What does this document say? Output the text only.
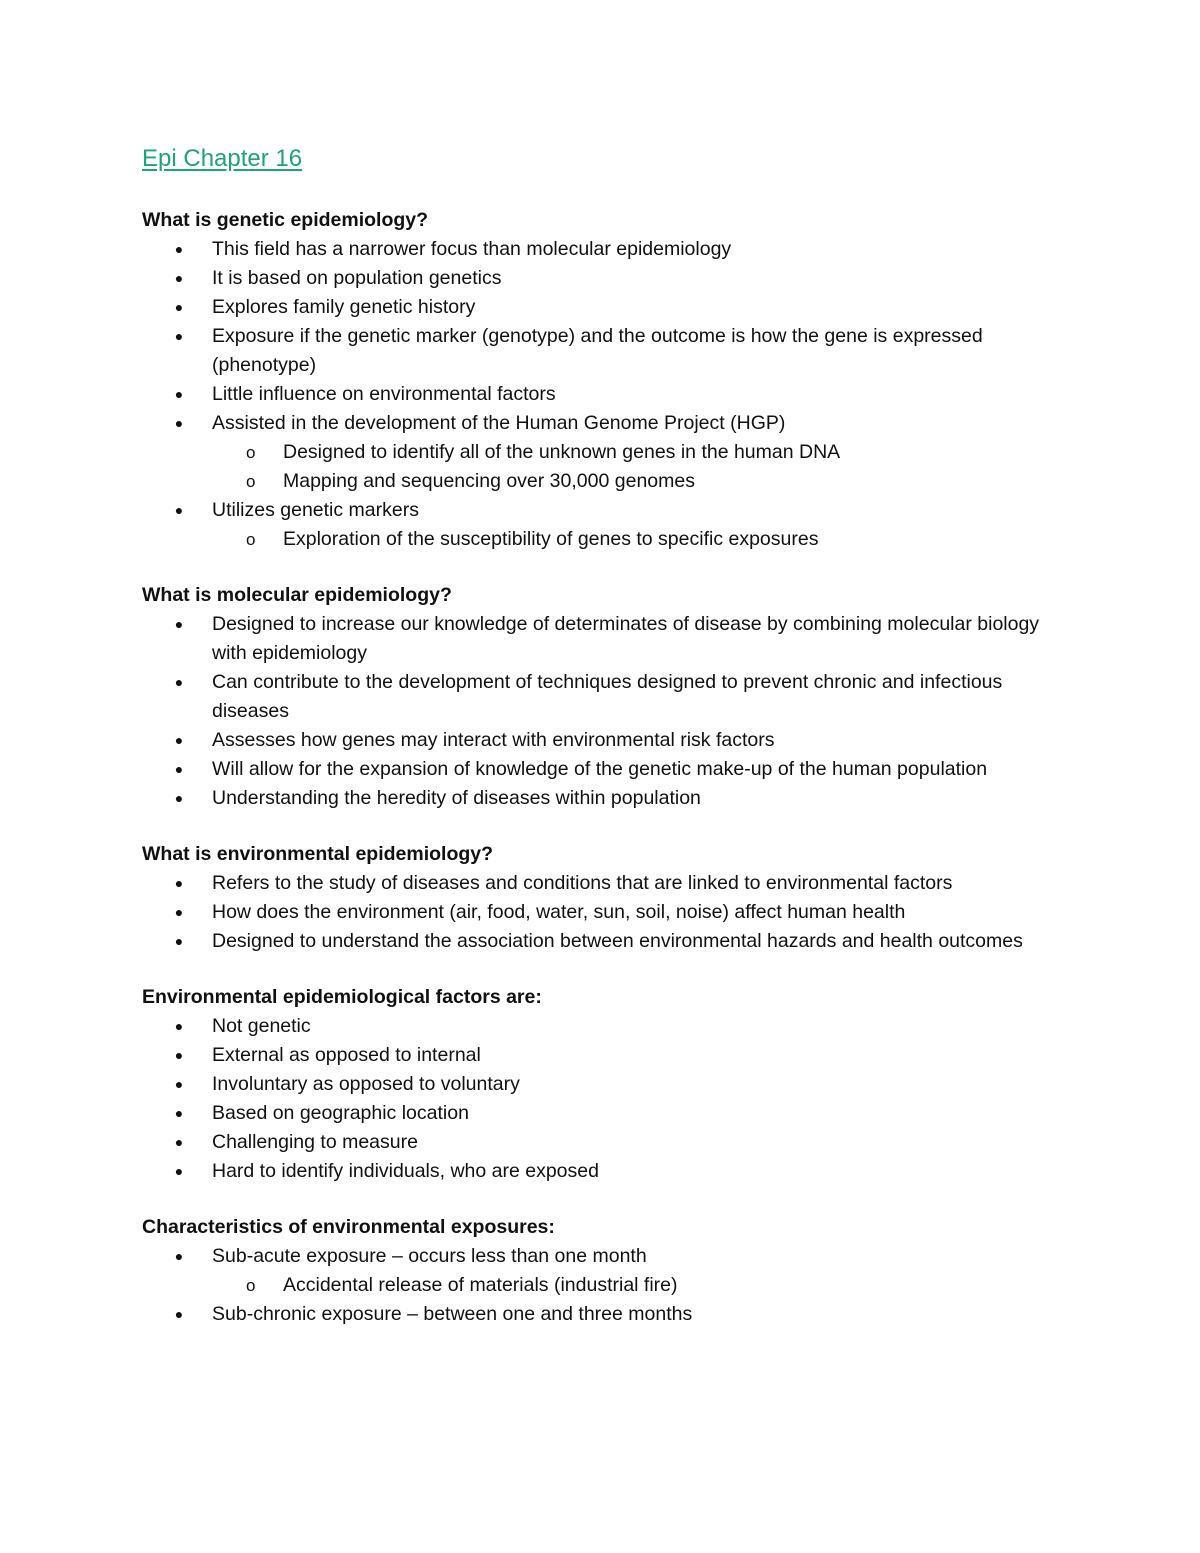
Epi Chapter 16
What is genetic epidemiology?
● This field has a narrower focus than molecular epidemiology
● It is based on population genetics
● Explores family genetic history
● Exposure if the genetic marker (genotype) and the outcome is how the gene is expressed (phenotype)
● Little influence on environmental factors
● Assisted in the development of the Human Genome Project (HGP)
o Designed to identify all of the unknown genes in the human DNA
o Mapping and sequencing over 30,000 genomes
● Utilizes genetic markers
o Exploration of the susceptibility of genes to specific exposures
What is molecular epidemiology?
● Designed to increase our knowledge of determinates of disease by combining molecular biology with epidemiology
● Can contribute to the development of techniques designed to prevent chronic and infectious diseases
● Assesses how genes may interact with environmental risk factors
● Will allow for the expansion of knowledge of the genetic make-up of the human population
● Understanding the heredity of diseases within population
What is environmental epidemiology?
● Refers to the study of diseases and conditions that are linked to environmental factors
● How does the environment (air, food, water, sun, soil, noise) affect human health
● Designed to understand the association between environmental hazards and health outcomes
Environmental epidemiological factors are:
● Not genetic
● External as opposed to internal
● Involuntary as opposed to voluntary
● Based on geographic location
● Challenging to measure
● Hard to identify individuals, who are exposed
Characteristics of environmental exposures:
● Sub-acute exposure – occurs less than one month
o Accidental release of materials (industrial fire)
● Sub-chronic exposure – between one and three months
